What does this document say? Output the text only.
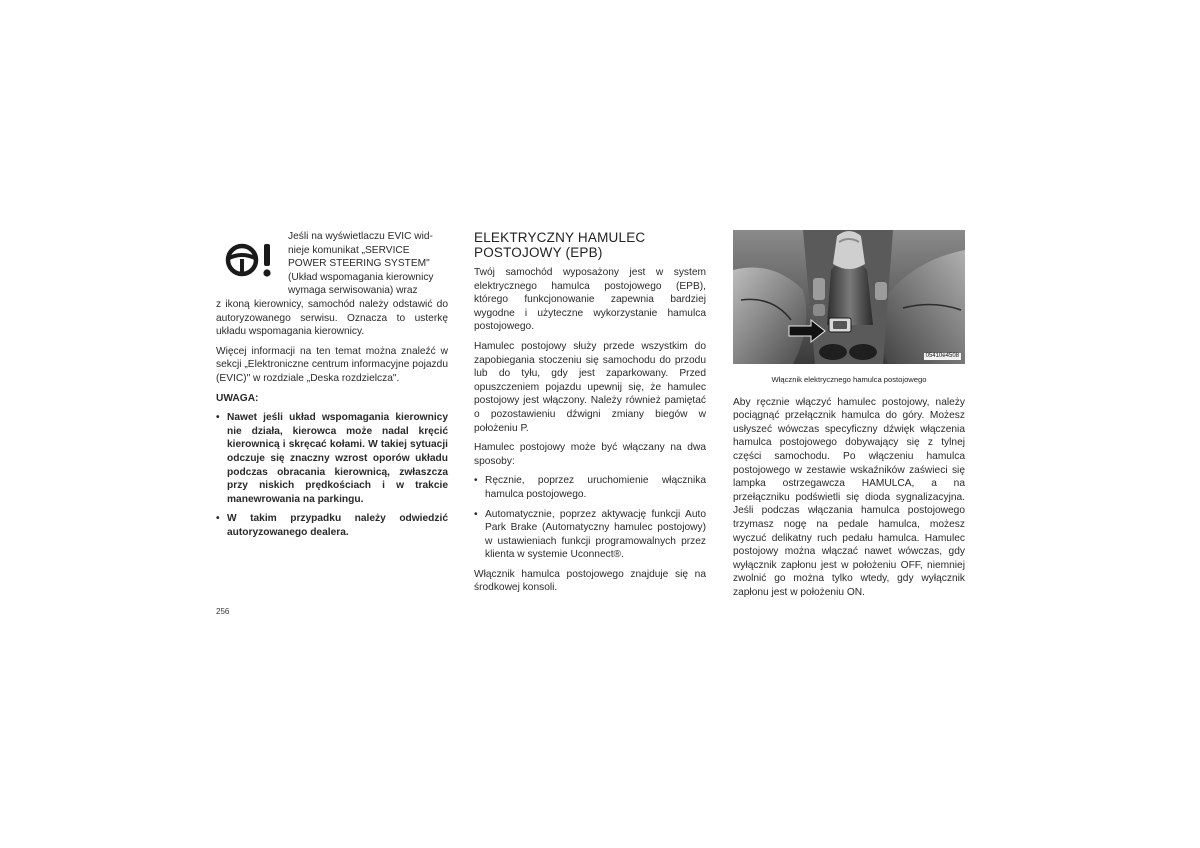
Jeśli na wyświetlaczu EVIC wid-
nieje komunikat „SERVICE
POWER STEERING SYSTEM"
(Układ wspomagania kierownicy
wymaga serwisowania) wraz

z ikoną kierownicy, samochód należy odstawić do autoryzowanego serwisu. Oznacza to usterkę układu wspomagania kierownicy.

Więcej informacji na ten temat można znaleźć w sekcji „Elektroniczne centrum informacyjne pojazdu (EVIC)" w rozdziale „Deska rozdzielcza".

UWAGA:

• Nawet jeśli układ wspomagania kierownicy nie działa, kierowca może nadal kręcić kierownicą i skręcać kołami. W takiej sytuacji odczuje się znaczny wzrost oporów układu podczas obracania kierownicą, zwłaszcza przy niskich prędkościach i w trakcie manewrowania na parkingu.
• W takim przypadku należy odwiedzić autoryzowanego dealera.
ELEKTRYCZNY HAMULEC
POSTOJOWY (EPB)

Twój samochód wyposażony jest w system elektrycznego hamulca postojowego (EPB), którego funkcjonowanie zapewnia bardziej wygodne i użyteczne wykorzystanie hamulca postojowego.

Hamulec postojowy służy przede wszystkim do zapobiegania stoczeniu się samochodu do przodu lub do tyłu, gdy jest zaparkowany. Przed opuszczeniem pojazdu upewnij się, że hamulec postojowy jest włączony. Należy również pamiętać o pozostawieniu dźwigni zmiany biegów w położeniu P.

Hamulec postojowy może być włączany na dwa sposoby:

• Ręcznie, poprzez uruchomienie włącznika hamulca postojowego.
• Automatycznie, poprzez aktywację funkcji Auto Park Brake (Automatyczny hamulec postojowy) w ustawieniach funkcji programowalnych przez klienta w systemie Uconnect®.

Włącznik hamulca postojowego znajduje się na środkowej konsoli.

05410e4508
Włącznik elektrycznego hamulca postojowego

Aby ręcznie włączyć hamulec postojowy, należy pociągnąć przełącznik hamulca do góry. Możesz usłyszeć wówczas specyficzny dźwięk włączenia hamulca postojowego dobywający się z tylnej części samochodu. Po włączeniu hamulca postojowego w zestawie wskaźników zaświeci się lampka ostrzegawcza HAMULCA, a na przełączniku podświetli się dioda sygnalizacyjna. Jeśli podczas włączania hamulca postojowego trzymasz nogę na pedale hamulca, możesz wyczuć delikatny ruch pedału hamulca. Hamulec postojowy można włączać nawet wówczas, gdy wyłącznik zapłonu jest w położeniu OFF, niemniej zwolnić go można tylko wtedy, gdy wyłącznik zapłonu jest w położeniu ON.

256
